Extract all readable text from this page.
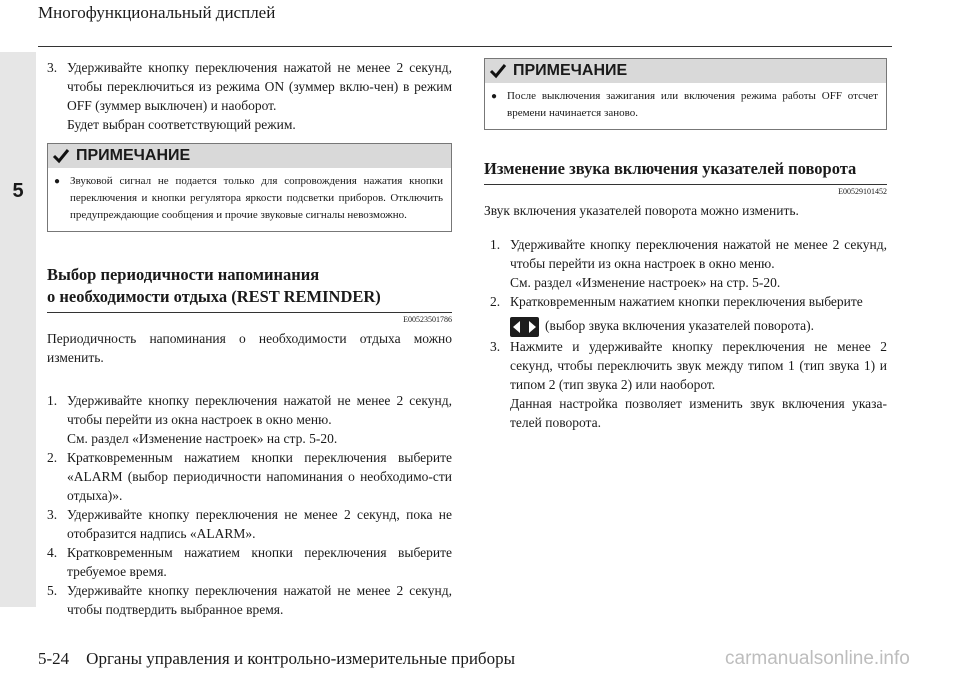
Многофункциональный дисплей
5
3. Удерживайте кнопку переключения нажатой не менее 2 секунд, чтобы переключиться из режима ON (зуммер вклю-чен) в режим OFF (зуммер выключен) и наоборот.
Будет выбран соответствующий режим.
ПРИМЕЧАНИЕ
● Звуковой сигнал не подается только для сопровождения нажатия кнопки переключения и кнопки регулятора яркости подсветки приборов. Отключить предупреждающие сообщения и прочие звуковые сигналы невозможно.
Выбор периодичности напоминания
о необходимости отдыха (REST REMINDER)
E00523501786
Периодичность напоминания о необходимости отдыха можно изменить.
1. Удерживайте кнопку переключения нажатой не менее 2 секунд, чтобы перейти из окна настроек в окно меню.
См. раздел «Изменение настроек» на стр. 5-20.
2. Кратковременным нажатием кнопки переключения выберите «ALARM (выбор периодичности напоминания о необходимо-сти отдыха)».
3. Удерживайте кнопку переключения не менее 2 секунд, пока не отобразится надпись «ALARM».
4. Кратковременным нажатием кнопки переключения выберите требуемое время.
5. Удерживайте кнопку переключения нажатой не менее 2 секунд, чтобы подтвердить выбранное время.
ПРИМЕЧАНИЕ
● После выключения зажигания или включения режима работы OFF отсчет времени начинается заново.
Изменение звука включения указателей поворота
E00529101452
Звук включения указателей поворота можно изменить.
1. Удерживайте кнопку переключения нажатой не менее 2 секунд, чтобы перейти из окна настроек в окно меню.
См. раздел «Изменение настроек» на стр. 5-20.
2. Кратковременным нажатием кнопки переключения выберите
(выбор звука включения указателей поворота).
3. Нажмите и удерживайте кнопку переключения не менее 2 секунд, чтобы переключить звук между типом 1 (тип звука 1) и типом 2 (тип звука 2) или наоборот.
Данная настройка позволяет изменить звук включения указа-телей поворота.
5-24 Органы управления и контрольно-измерительные приборы	carmanualsonline.info
